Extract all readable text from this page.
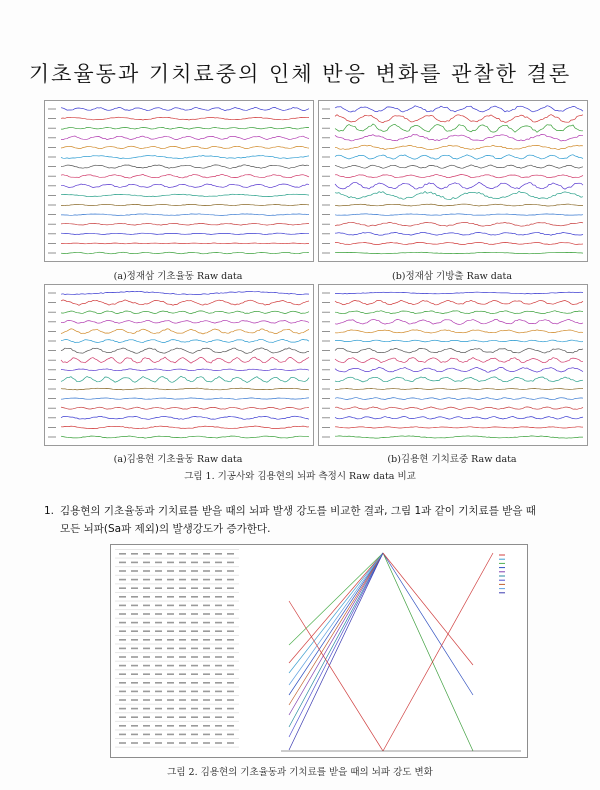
기초율동과 기치료중의 인체 반응 변화를 관찰한 결론
(a)정재삼 기초율동 Raw data	(b)정재삼 기방출 Raw data
(a)김용현 기초율동 Raw data	(b)김용현 기치료중 Raw data
그림 1. 기공사와 김용현의 뇌파 측정시 Raw data 비교
1. 김용현의 기초율동과 기치료를 받을 때의 뇌파 발생 강도를 비교한 결과, 그림 1과 같이 기치료를 받을 때
모든 뇌파(Sa파 제외)의 발생강도가 증가한다.
그림 2. 김용현의 기초율동과 기치료를 받을 때의 뇌파 강도 변화
